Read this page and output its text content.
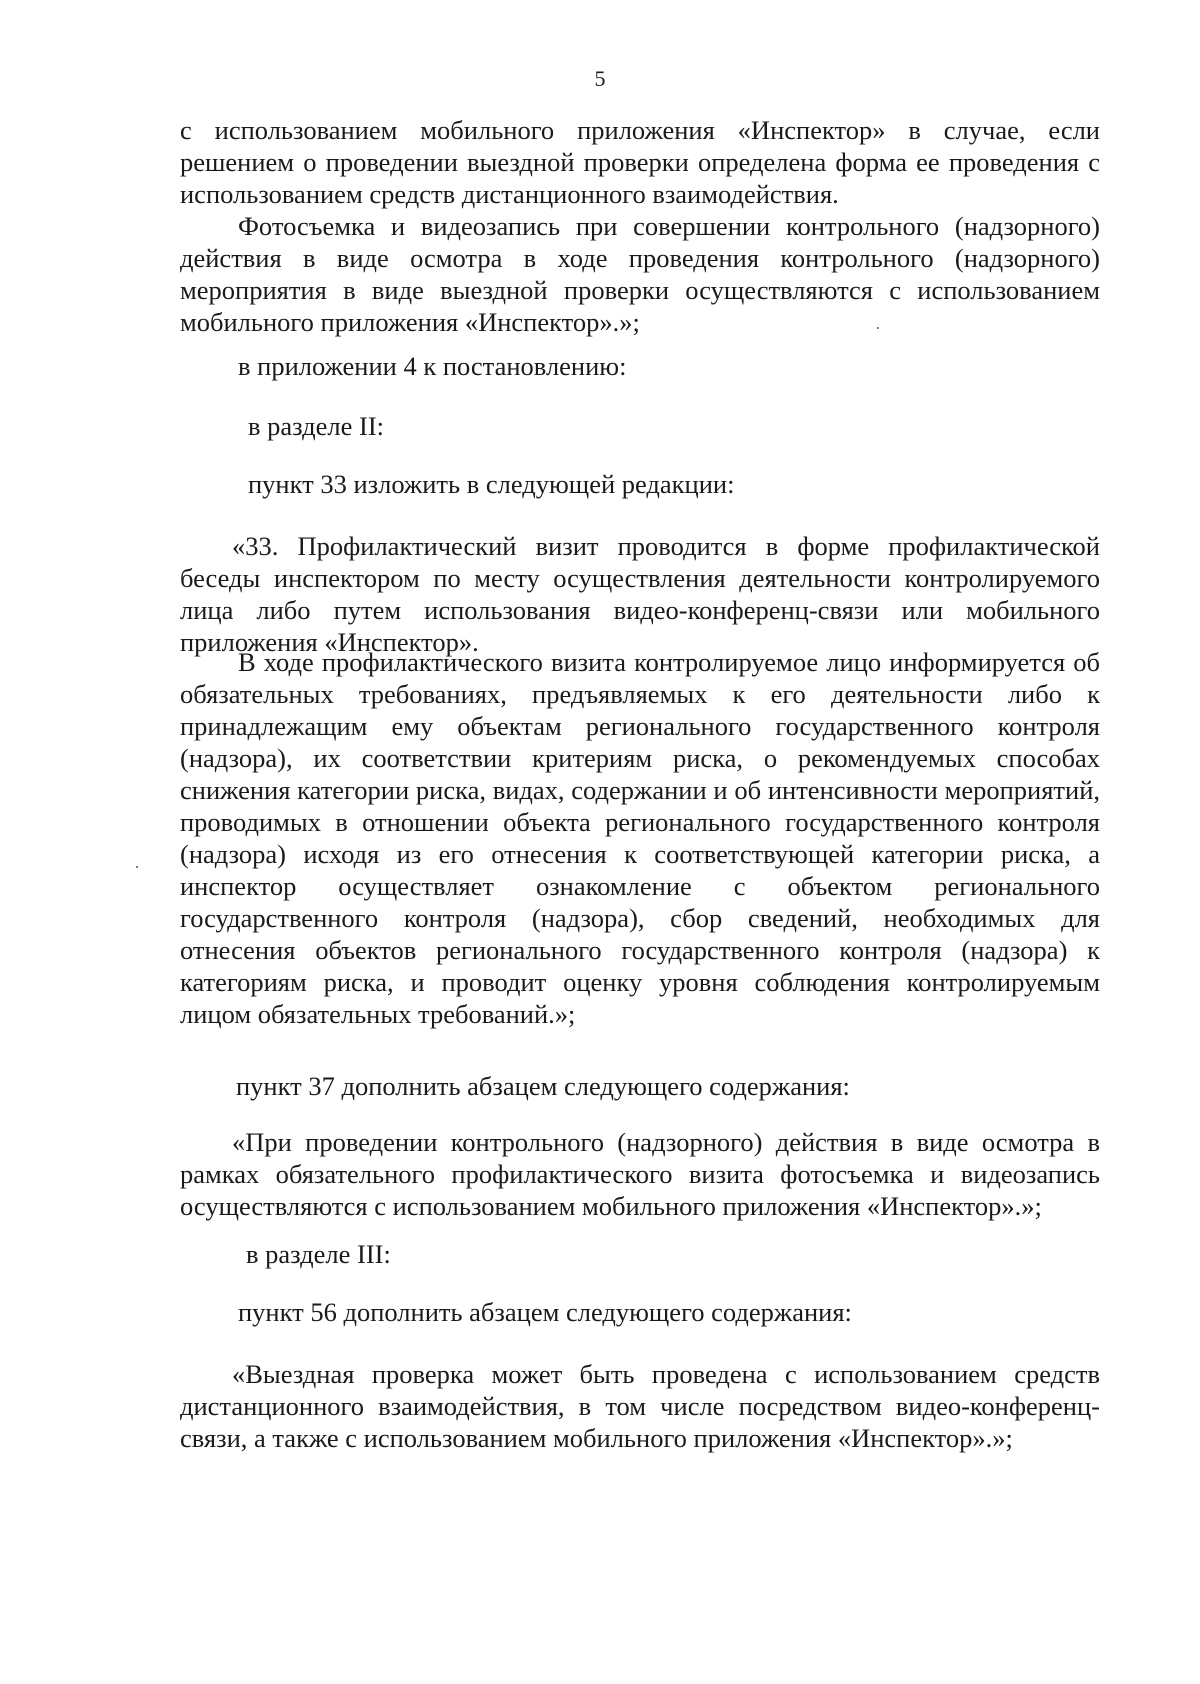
5

с использованием мобильного приложения «Инспектор» в случае, если решением о проведении выездной проверки определена форма ее проведения с использованием средств дистанционного взаимодействия.

Фотосъемка и видеозапись при совершении контрольного (надзорного) действия в виде осмотра в ходе проведения контрольного (надзорного) мероприятия в виде выездной проверки осуществляются с использованием мобильного приложения «Инспектор».»;

в приложении 4 к постановлению:

в разделе II:

пункт 33 изложить в следующей редакции:

«33. Профилактический визит проводится в форме профилактической беседы инспектором по месту осуществления деятельности контролируемого лица либо путем использования видео-конференц-связи или мобильного приложения «Инспектор».

В ходе профилактического визита контролируемое лицо информируется об обязательных требованиях, предъявляемых к его деятельности либо к принадлежащим ему объектам регионального государственного контроля (надзора), их соответствии критериям риска, о рекомендуемых способах снижения категории риска, видах, содержании и об интенсивности мероприятий, проводимых в отношении объекта регионального государственного контроля (надзора) исходя из его отнесения к соответствующей категории риска, а инспектор осуществляет ознакомление с объектом регионального государственного контроля (надзора), сбор сведений, необходимых для отнесения объектов регионального государственного контроля (надзора) к категориям риска, и проводит оценку уровня соблюдения контролируемым лицом обязательных требований.»;

пункт 37 дополнить абзацем следующего содержания:

«При проведении контрольного (надзорного) действия в виде осмотра в рамках обязательного профилактического визита фотосъемка и видеозапись осуществляются с использованием мобильного приложения «Инспектор».»;

в разделе III:

пункт 56 дополнить абзацем следующего содержания:

«Выездная проверка может быть проведена с использованием средств дистанционного взаимодействия, в том числе посредством видео-конференц-связи, а также с использованием мобильного приложения «Инспектор».»;
